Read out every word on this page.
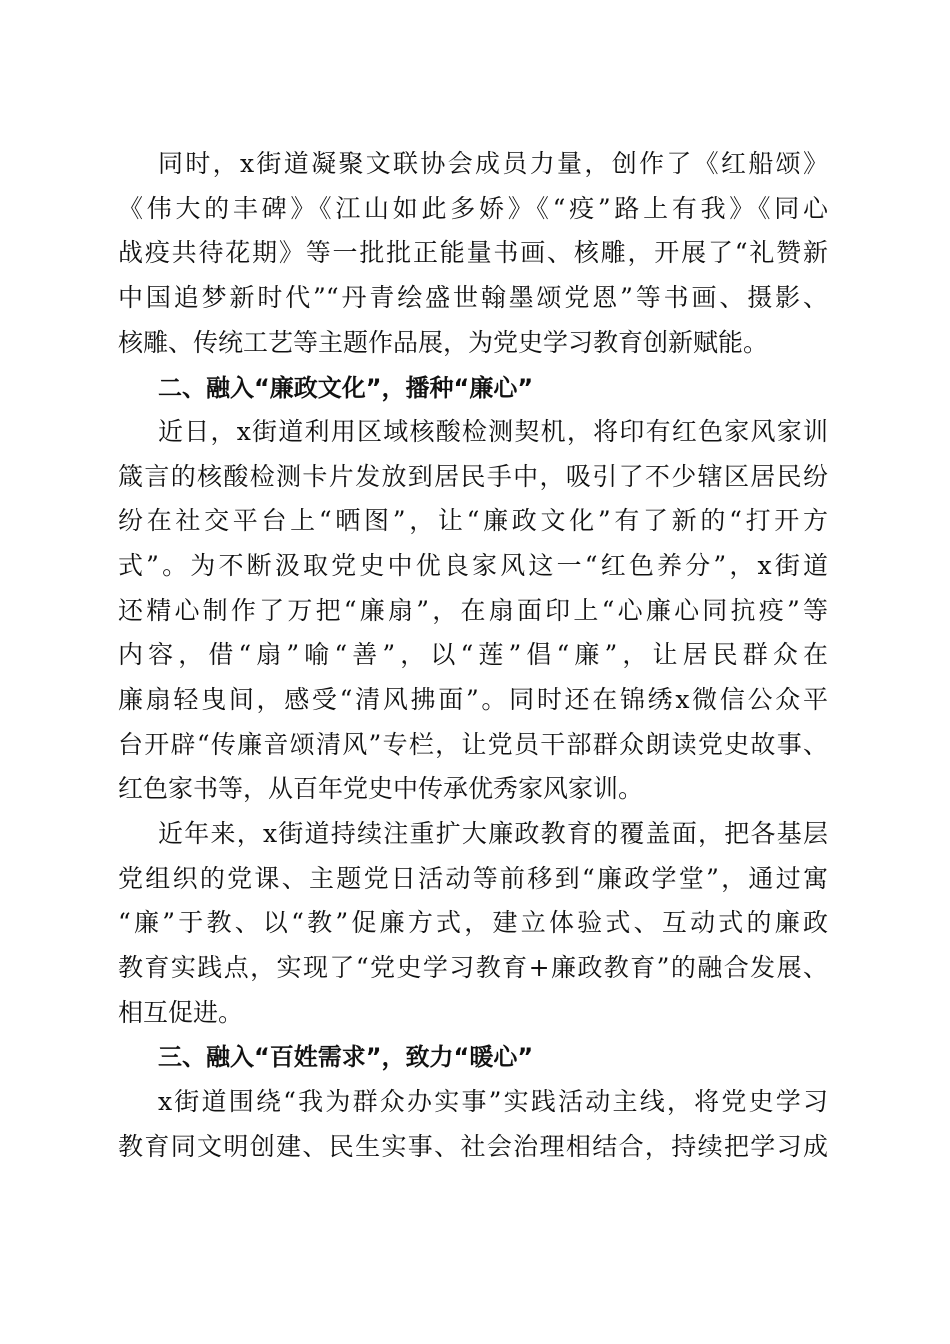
同时，x街道凝聚文联协会成员力量，创作了《红船颂》
《伟大的丰碑》《江山如此多娇》《“疫”路上有我》《同心
战疫共待花期》等一批批正能量书画、核雕，开展了“礼赞新
中国追梦新时代”“丹青绘盛世翰墨颂党恩”等书画、摄影、
核雕、传统工艺等主题作品展，为党史学习教育创新赋能。
二、融入“廉政文化”，播种“廉心”
近日，x街道利用区域核酸检测契机，将印有红色家风家训
箴言的核酸检测卡片发放到居民手中，吸引了不少辖区居民纷
纷在社交平台上“晒图”，让“廉政文化”有了新的“打开方
式”。为不断汲取党史中优良家风这一“红色养分”，x街道
还精心制作了万把“廉扇”，在扇面印上“心廉心同抗疫”等
内容，借“扇”喻“善”，以“莲”倡“廉”，让居民群众在
廉扇轻曳间，感受“清风拂面”。同时还在锦绣x微信公众平
台开辟“传廉音颂清风”专栏，让党员干部群众朗读党史故事、
红色家书等，从百年党史中传承优秀家风家训。
近年来，x街道持续注重扩大廉政教育的覆盖面，把各基层
党组织的党课、主题党日活动等前移到“廉政学堂”，通过寓
“廉”于教、以“教”促廉方式，建立体验式、互动式的廉政
教育实践点，实现了“党史学习教育+廉政教育”的融合发展、
相互促进。
三、融入“百姓需求”，致力“暖心”
x街道围绕“我为群众办实事”实践活动主线，将党史学习
教育同文明创建、民生实事、社会治理相结合，持续把学习成
